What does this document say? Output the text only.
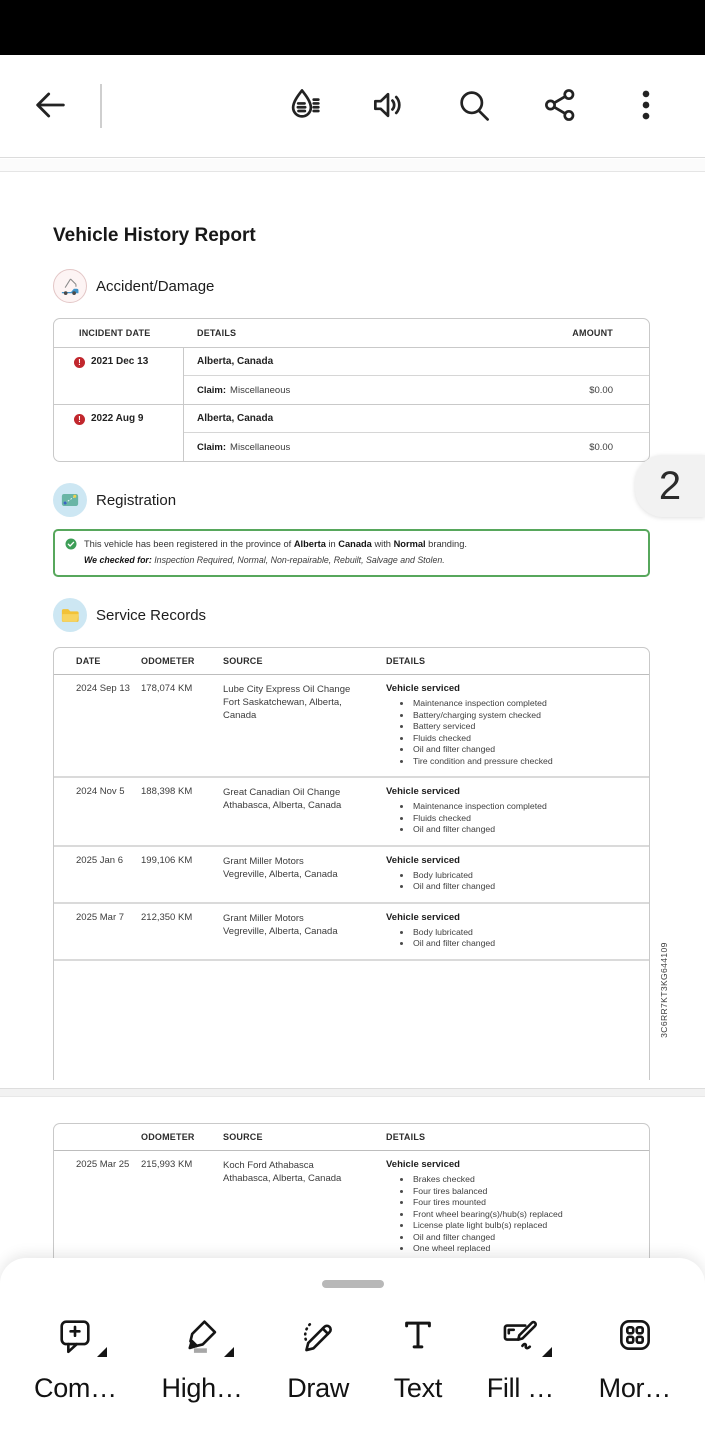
Vehicle History Report
Accident/Damage
INCIDENT DATE	DETAILS	AMOUNT
!	2021 Dec 13	Alberta, Canada
Claim: Miscellaneous	$0.00
!	2022 Aug 9	Alberta, Canada
Claim: Miscellaneous	$0.00
Registration
This vehicle has been registered in the province of Alberta in Canada with Normal branding.
We checked for: Inspection Required, Normal, Non-repairable, Rebuilt, Salvage and Stolen.
Service Records
DATE	ODOMETER	SOURCE	DETAILS
2024 Sep 13	178,074 KM	Lube City Express Oil Change
Fort Saskatchewan, Alberta, Canada
Vehicle serviced
Maintenance inspection completed
Battery/charging system checked
Battery serviced
Fluids checked
Oil and filter changed
Tire condition and pressure checked
2024 Nov 5	188,398 KM	Great Canadian Oil Change
Athabasca, Alberta, Canada
Vehicle serviced
Maintenance inspection completed
Fluids checked
Oil and filter changed
2025 Jan 6	199,106 KM	Grant Miller Motors
Vegreville, Alberta, Canada
Vehicle serviced
Body lubricated
Oil and filter changed
2025 Mar 7	212,350 KM	Grant Miller Motors
Vegreville, Alberta, Canada
Vehicle serviced
Body lubricated
Oil and filter changed	3C6RR7KT3KG644109
ODOMETER	SOURCE	DETAILS
2025 Mar 25	215,993 KM	Koch Ford Athabasca
Athabasca, Alberta, Canada
Vehicle serviced
Brakes checked
Four tires balanced
Four tires mounted
Front wheel bearing(s)/hub(s) replaced
License plate light bulb(s) replaced
Oil and filter changed
One wheel replaced
2
Com… High… Draw Text Fill … Mor…
